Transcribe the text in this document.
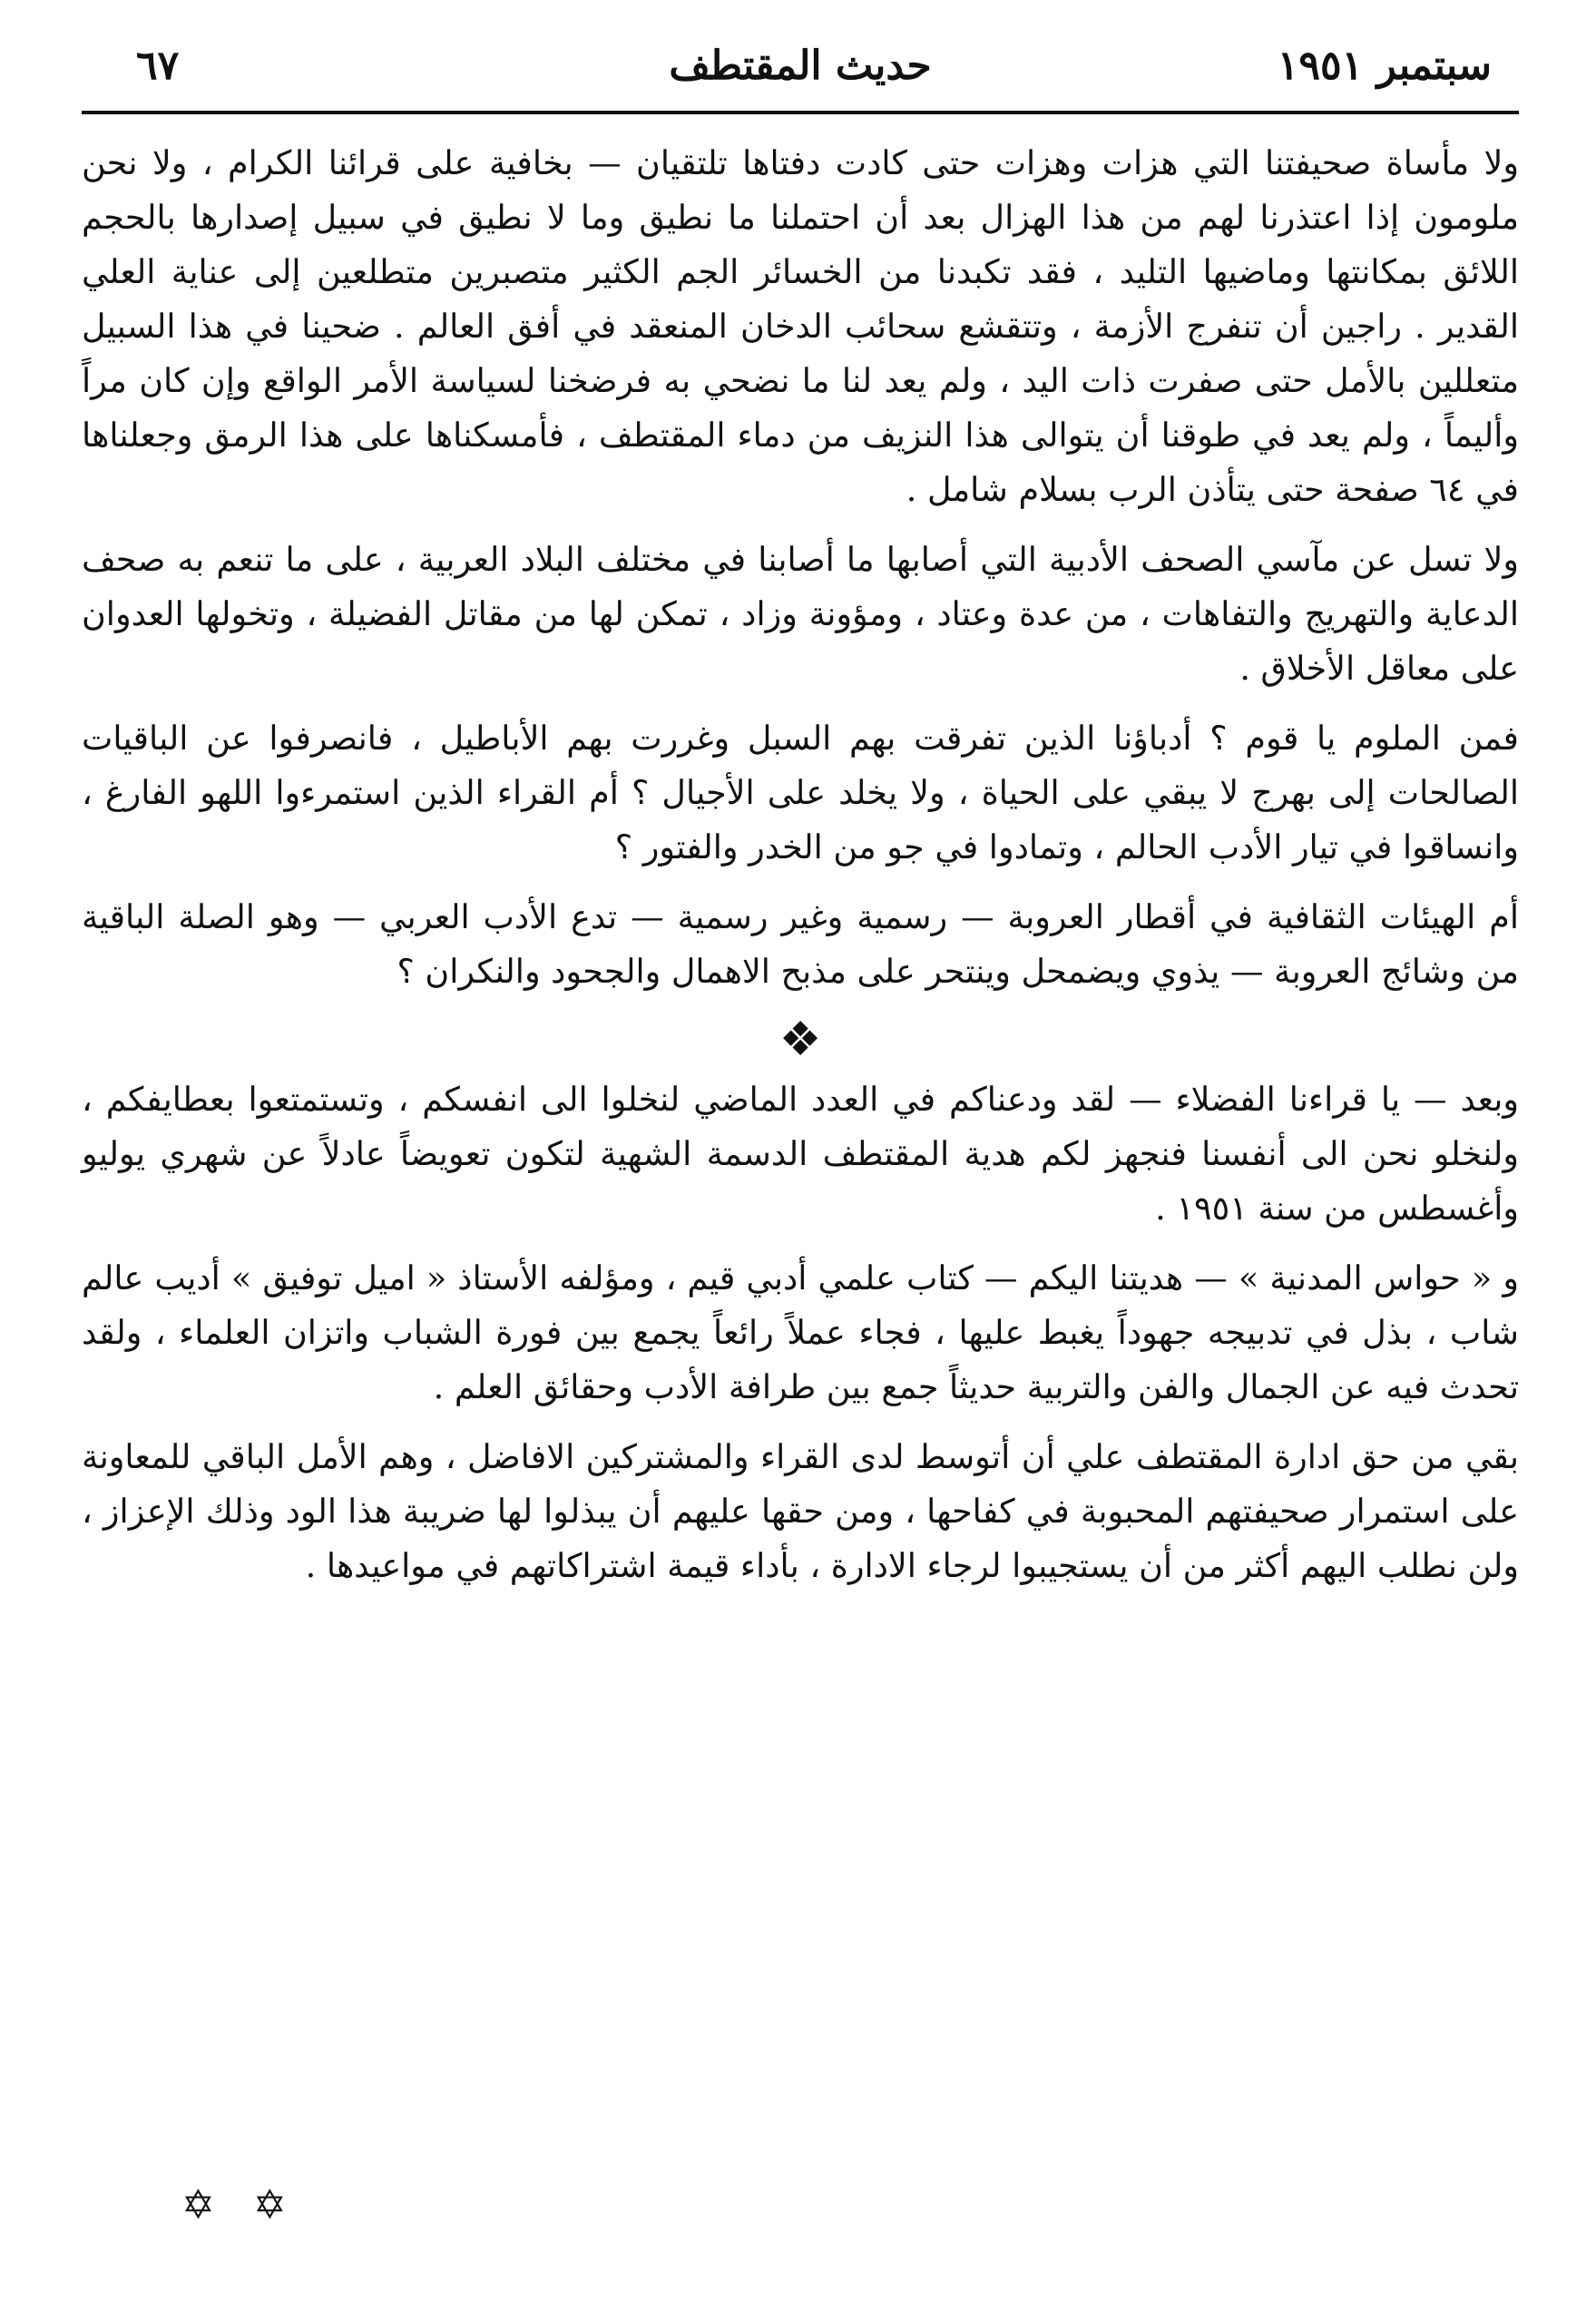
سبتمبر ١٩٥١
حديث المقتطف
٦٧

ولا مأساة صحيفتنا التي هزات وهزات حتى كادت دفتاها تلتقيان — بخافية على قرائنا الكرام ، ولا نحن ملومون إذا اعتذرنا لهم من هذا الهزال بعد أن احتملنا ما نطيق وما لا نطيق في سبيل إصدارها بالحجم اللائق بمكانتها وماضيها التليد ، فقد تكبدنا من الخسائر الجم الكثير متصبرين متطلعين إلى عناية العلي القدير . راجين أن تنفرج الأزمة ، وتتقشع سحائب الدخان المنعقد في أفق العالم . ضحينا في هذا السبيل متعللين بالأمل حتى صفرت ذات اليد ، ولم يعد لنا ما نضحي به فرضخنا لسياسة الأمر الواقع وإن كان مراً وأليماً ، ولم يعد في طوقنا أن يتوالى هذا النزيف من دماء المقتطف ، فأمسكناها على هذا الرمق وجعلناها في ٦٤ صفحة حتى يتأذن الرب بسلام شامل .

ولا تسل عن مآسي الصحف الأدبية التي أصابها ما أصابنا في مختلف البلاد العربية ، على ما تنعم به صحف الدعاية والتهريج والتفاهات ، من عدة وعتاد ، ومؤونة وزاد ، تمكن لها من مقاتل الفضيلة ، وتخولها العدوان على معاقل الأخلاق .

فمن الملوم يا قوم ؟ أدباؤنا الذين تفرقت بهم السبل وغررت بهم الأباطيل ، فانصرفوا عن الباقيات الصالحات إلى بهرج لا يبقي على الحياة ، ولا يخلد على الأجيال ؟ أم القراء الذين استمرءوا اللهو الفارغ ، وانساقوا في تيار الأدب الحالم ، وتمادوا في جو من الخدر والفتور ؟

أم الهيئات الثقافية في أقطار العروبة — رسمية وغير رسمية — تدع الأدب العربي — وهو الصلة الباقية من وشائج العروبة — يذوي ويضمحل وينتحر على مذبح الاهمال والجحود والنكران ؟

❖

وبعد — يا قراءنا الفضلاء — لقد ودعناكم في العدد الماضي لنخلوا الى انفسكم ، وتستمتعوا بعطايفكم ، ولنخلو نحن الى أنفسنا فنجهز لكم هدية المقتطف الدسمة الشهية لتكون تعويضاً عادلاً عن شهري يوليو وأغسطس من سنة ١٩٥١ .

و « حواس المدنية » — هديتنا اليكم — كتاب علمي أدبي قيم ، ومؤلفه الأستاذ « اميل توفيق » أديب عالم شاب ، بذل في تدبيجه جهوداً يغبط عليها ، فجاء عملاً رائعاً يجمع بين فورة الشباب واتزان العلماء ، ولقد تحدث فيه عن الجمال والفن والتربية حديثاً جمع بين طرافة الأدب وحقائق العلم .

بقي من حق ادارة المقتطف علي أن أتوسط لدى القراء والمشتركين الافاضل ، وهم الأمل الباقي للمعاونة على استمرار صحيفتهم المحبوبة في كفاحها ، ومن حقها عليهم أن يبذلوا لها ضريبة هذا الود وذلك الإعزاز ، ولن نطلب اليهم أكثر من أن يستجيبوا لرجاء الادارة ، بأداء قيمة اشتراكاتهم في مواعيدها .

✡ ✡
